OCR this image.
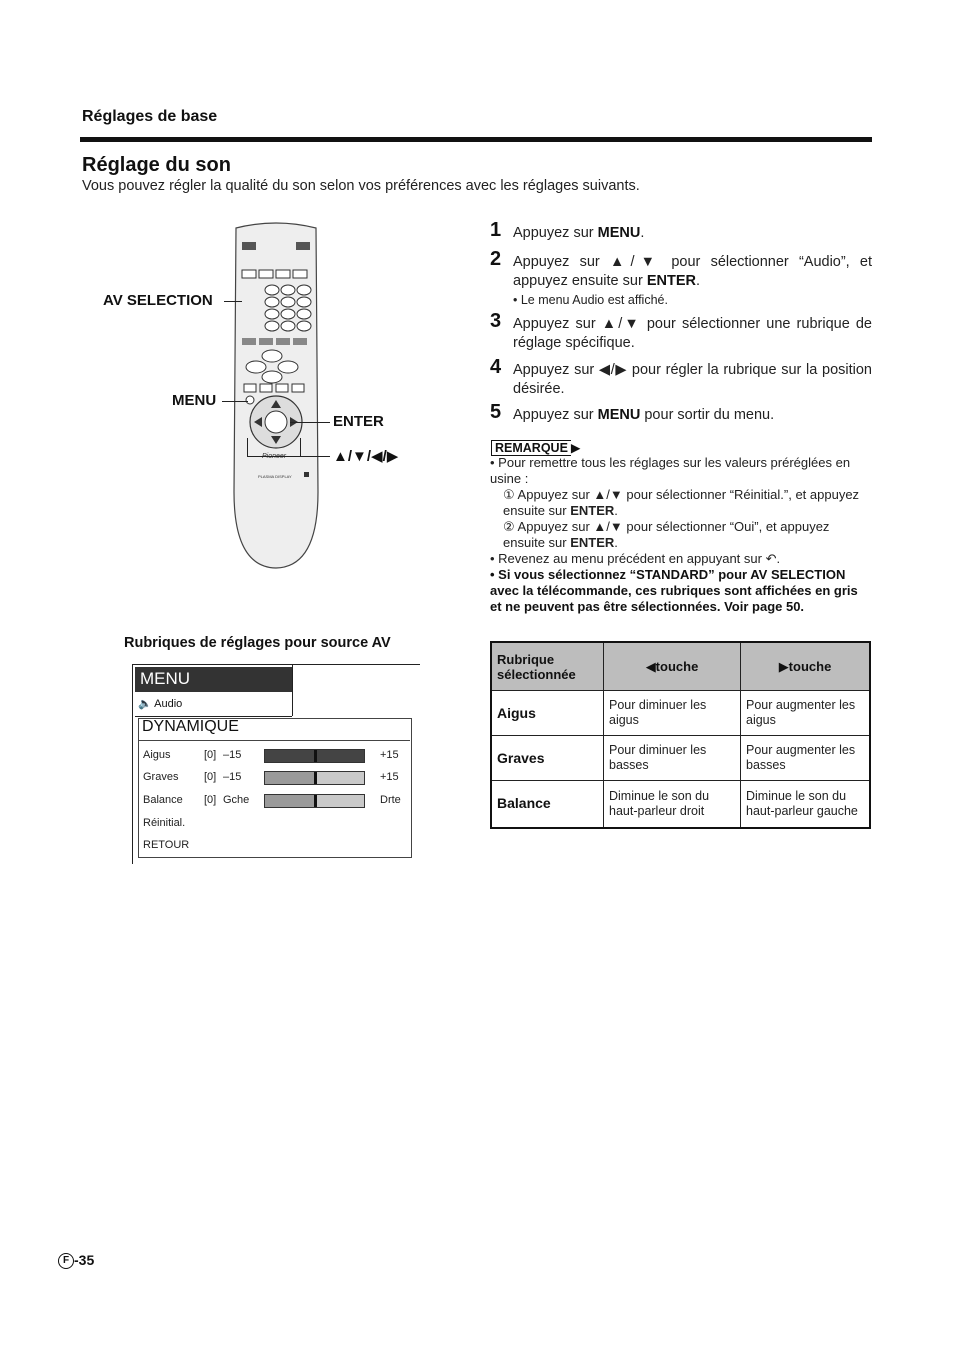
Réglages de base
Réglage du son
Vous pouvez régler la qualité du son selon vos préférences avec les réglages suivants.
PLASMA DISPLAY
AV SELECTION
MENU
ENTER
▲/▼/◀/▶
1 Appuyez sur MENU.
2 Appuyez sur ▲/▼ pour sélectionner “Audio”, et appuyez ensuite sur ENTER.
• Le menu Audio est affiché.
3 Appuyez sur ▲/▼ pour sélectionner une rubrique de réglage spécifique.
4 Appuyez sur ◀/▶ pour régler la rubrique sur la position désirée.
5 Appuyez sur MENU pour sortir du menu.
REMARQUE ▶
• Pour remettre tous les réglages sur les valeurs préréglées en usine :
① Appuyez sur ▲/▼ pour sélectionner “Réinitial.”, et appuyez ensuite sur ENTER.
② Appuyez sur ▲/▼ pour sélectionner “Oui”, et appuyez ensuite sur ENTER.
• Revenez au menu précédent en appuyant sur ↶.
• Si vous sélectionnez “STANDARD” pour AV SELECTION avec la télécommande, ces rubriques sont affichées en gris et ne peuvent pas être sélectionnées. Voir page 50.
Rubriques de réglages pour source AV
MENU
🔈 Audio
DYNAMIQUE
Aigus	[0] –15	+15
Graves [0] –15	+15
Balance [0] Gche	Drte
Réinitial.
RETOUR
Rubrique sélectionnée	◀touche	▶touche
Aigus	Pour diminuer les aigus	Pour augmenter les aigus
Graves	Pour diminuer les basses	Pour augmenter les basses
Balance	Diminue le son du haut-parleur droit	Diminue le son du haut-parleur gauche
F -35
